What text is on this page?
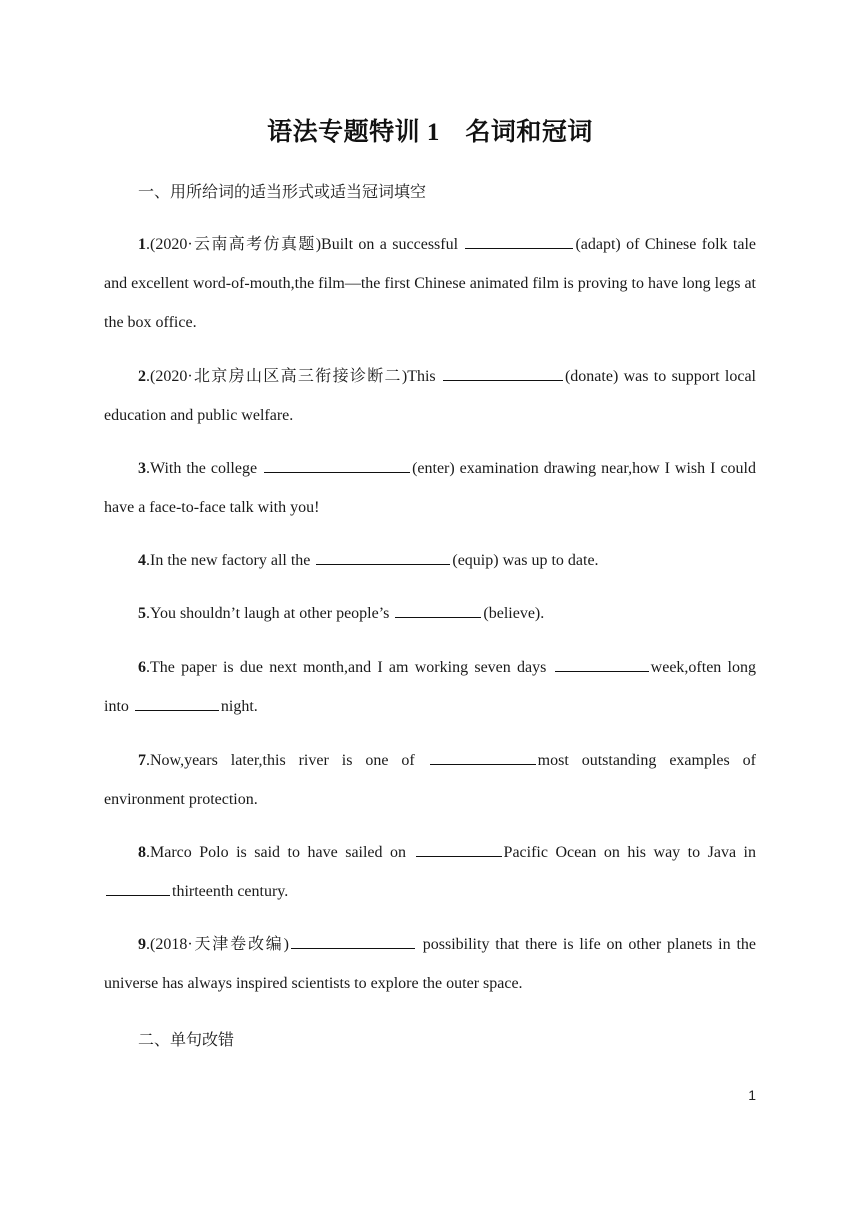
语法专题特训 1　名词和冠词
一、用所给词的适当形式或适当冠词填空
1.(2020·云南高考仿真题)Built on a successful	(adapt) of Chinese folk tale and excellent word-of-mouth,the film—the first Chinese animated film is proving to have long legs at the box office.
2.(2020·北京房山区高三衔接诊断二)This	(donate) was to support local education and public welfare.
3.With the college	(enter) examination drawing near,how I wish I could have a face-to-face talk with you!
4.In the new factory all the	(equip) was up to date.
5.You shouldn’t laugh at other people’s	(believe).
6.The paper is due next month,and I am working seven days	week,often long into	night.
7.Now,years later,this river is one of	most outstanding examples of environment protection.
8.Marco Polo is said to have sailed on	Pacific Ocean on his way to Java in thirteenth century.
9.(2018·天津卷改编)	possibility that there is life on other planets in the universe has always inspired scientists to explore the outer space.
二、单句改错
1
